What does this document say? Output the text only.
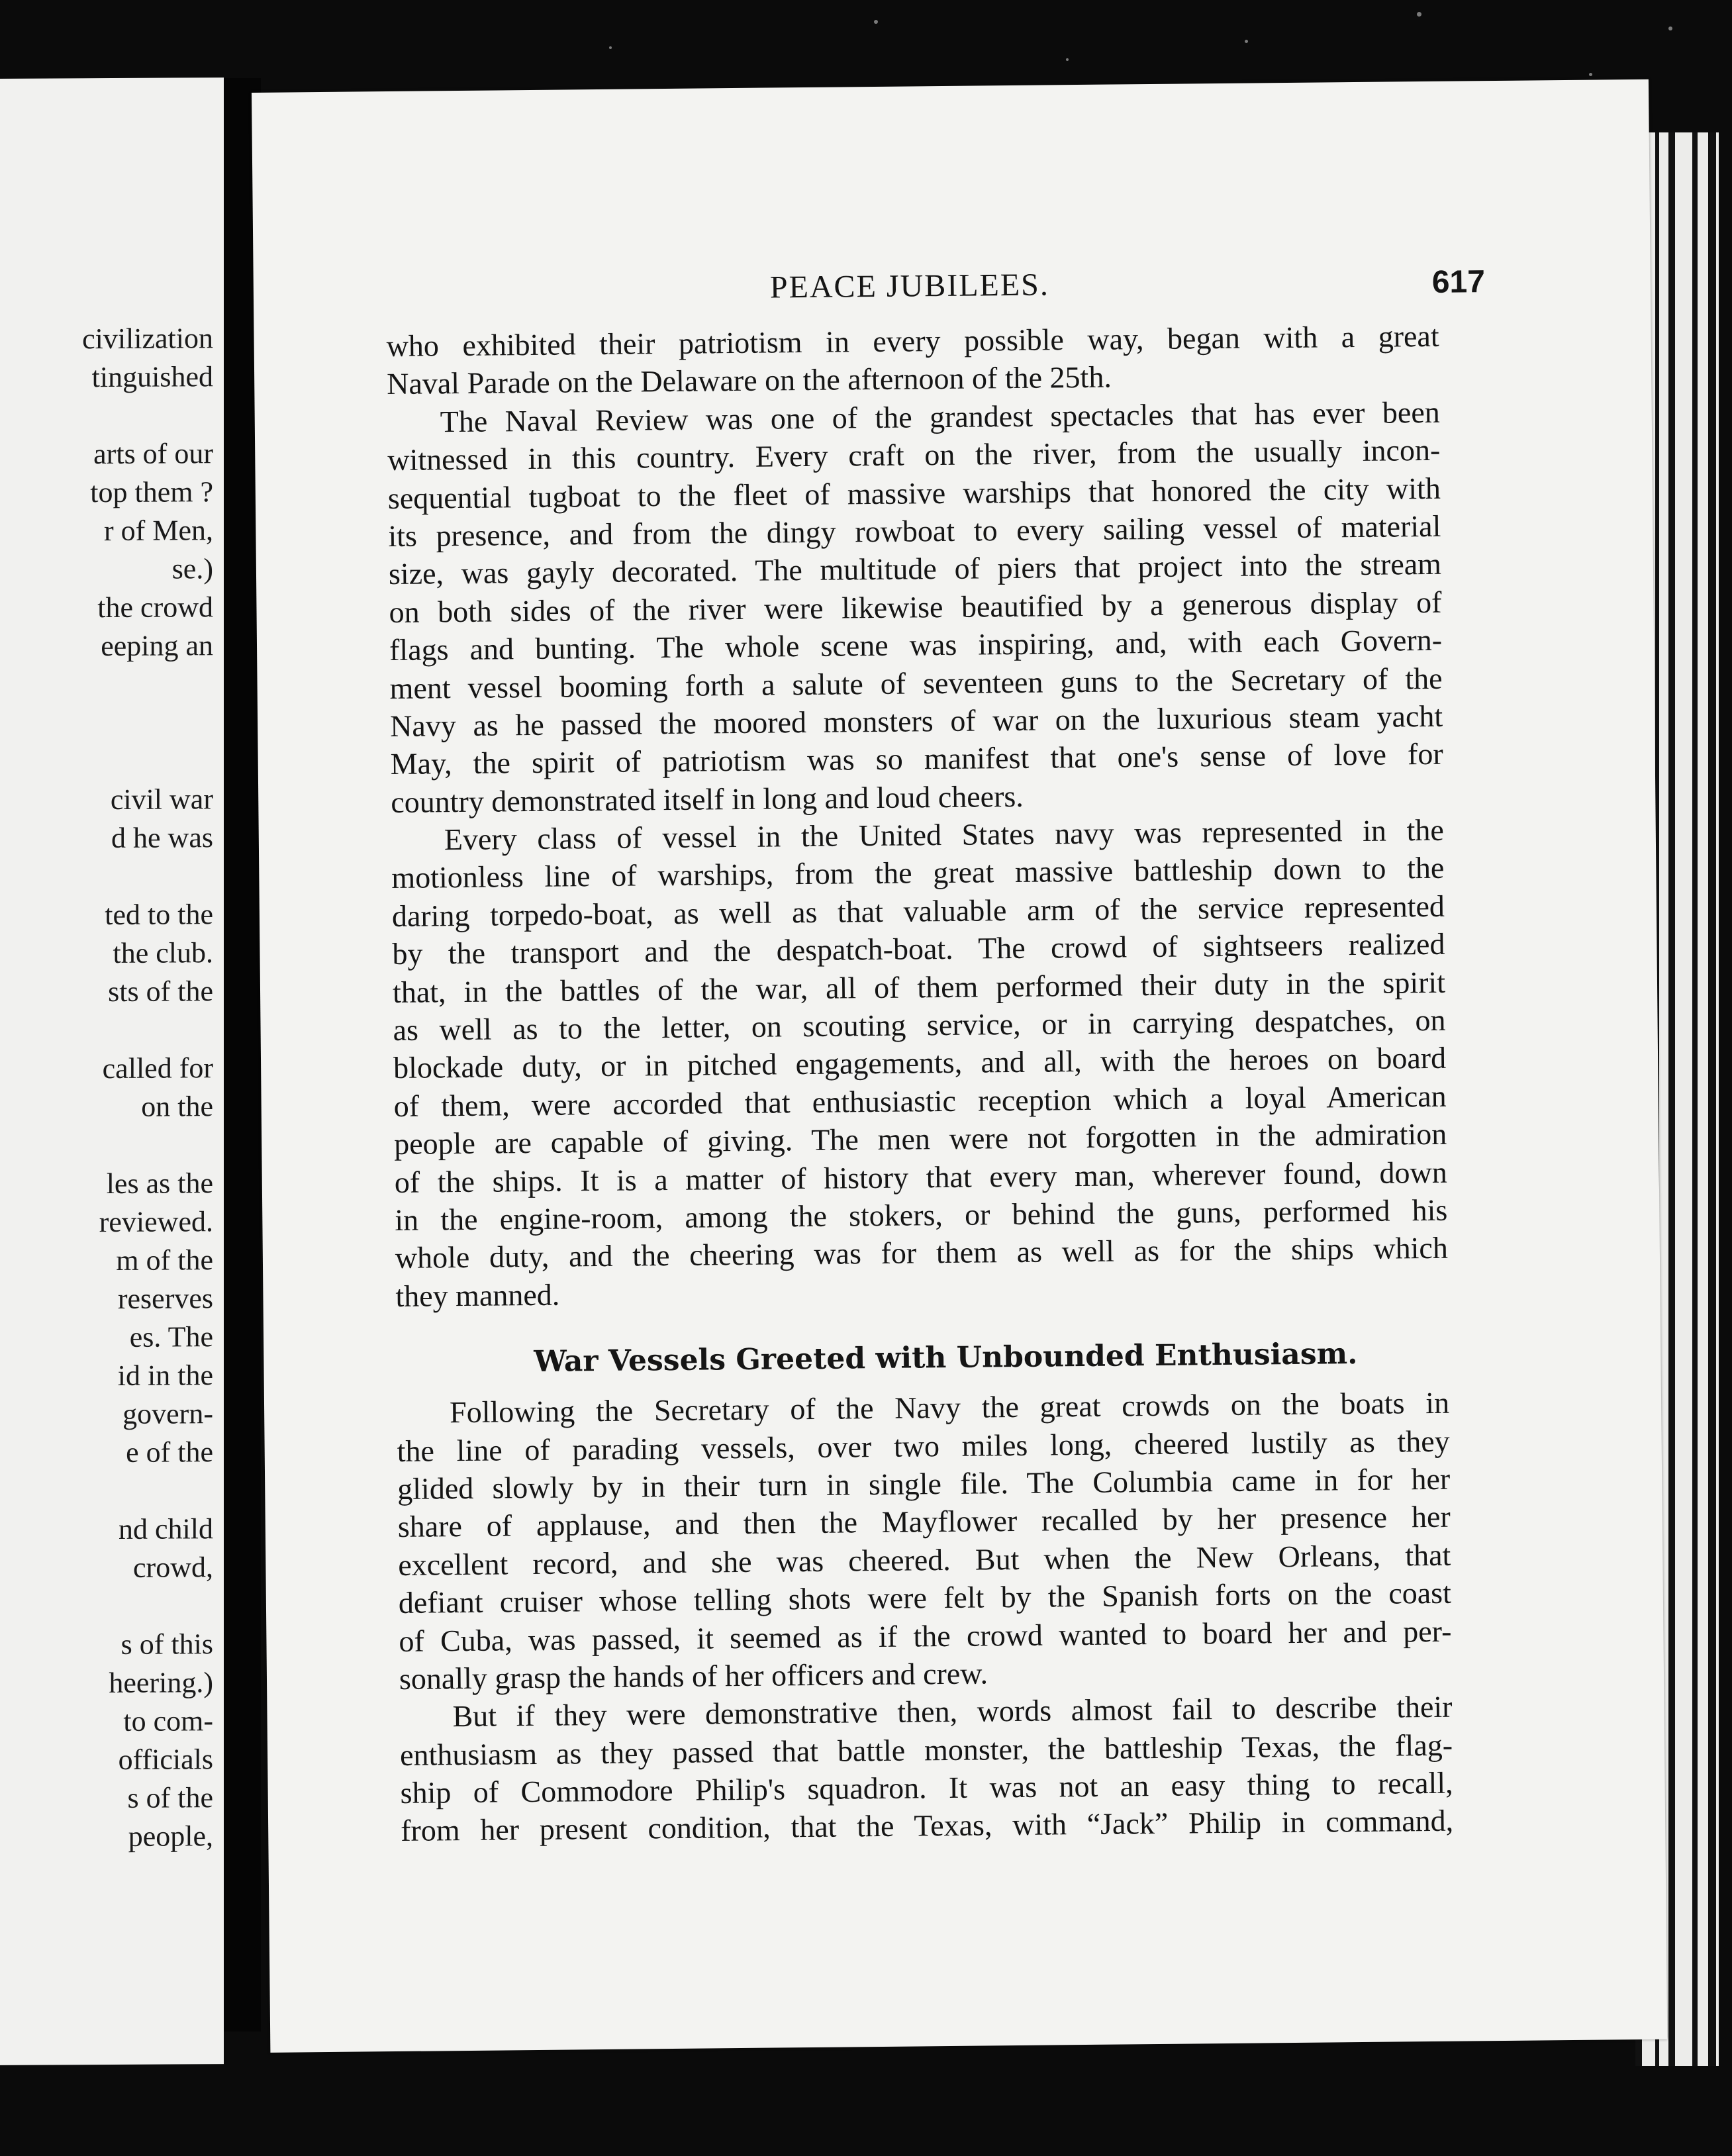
civilization
tinguished
arts of our
top them ?
r of Men,
se.)
the crowd
eeping an
civil war
d he was
ted to the
the club.
sts of the
called for
on the
les as the
reviewed.
m of the
reserves
es. The
id in the
govern-
e of the
nd child
crowd,
s of this
heering.)
to com-
officials
s of the
people,
PEACE JUBILEES.	617
who exhibited their patriotism in every possible way, began with a great
Naval Parade on the Delaware on the afternoon of the 25th.
The Naval Review was one of the grandest spectacles that has ever been
witnessed in this country. Every craft on the river, from the usually incon-
sequential tugboat to the fleet of massive warships that honored the city with
its presence, and from the dingy rowboat to every sailing vessel of material
size, was gayly decorated. The multitude of piers that project into the stream
on both sides of the river were likewise beautified by a generous display of
flags and bunting. The whole scene was inspiring, and, with each Govern-
ment vessel booming forth a salute of seventeen guns to the Secretary of the
Navy as he passed the moored monsters of war on the luxurious steam yacht
May, the spirit of patriotism was so manifest that one's sense of love for
country demonstrated itself in long and loud cheers.
Every class of vessel in the United States navy was represented in the
motionless line of warships, from the great massive battleship down to the
daring torpedo-boat, as well as that valuable arm of the service represented
by the transport and the despatch-boat. The crowd of sightseers realized
that, in the battles of the war, all of them performed their duty in the spirit
as well as to the letter, on scouting service, or in carrying despatches, on
blockade duty, or in pitched engagements, and all, with the heroes on board
of them, were accorded that enthusiastic reception which a loyal American
people are capable of giving. The men were not forgotten in the admiration
of the ships. It is a matter of history that every man, wherever found, down
in the engine-room, among the stokers, or behind the guns, performed his
whole duty, and the cheering was for them as well as for the ships which
they manned.
War Vessels Greeted with Unbounded Enthusiasm.
Following the Secretary of the Navy the great crowds on the boats in
the line of parading vessels, over two miles long, cheered lustily as they
glided slowly by in their turn in single file. The Columbia came in for her
share of applause, and then the Mayflower recalled by her presence her
excellent record, and she was cheered. But when the New Orleans, that
defiant cruiser whose telling shots were felt by the Spanish forts on the coast
of Cuba, was passed, it seemed as if the crowd wanted to board her and per-
sonally grasp the hands of her officers and crew.
But if they were demonstrative then, words almost fail to describe their
enthusiasm as they passed that battle monster, the battleship Texas, the flag-
ship of Commodore Philip's squadron. It was not an easy thing to recall,
from her present condition, that the Texas, with “Jack” Philip in command,
